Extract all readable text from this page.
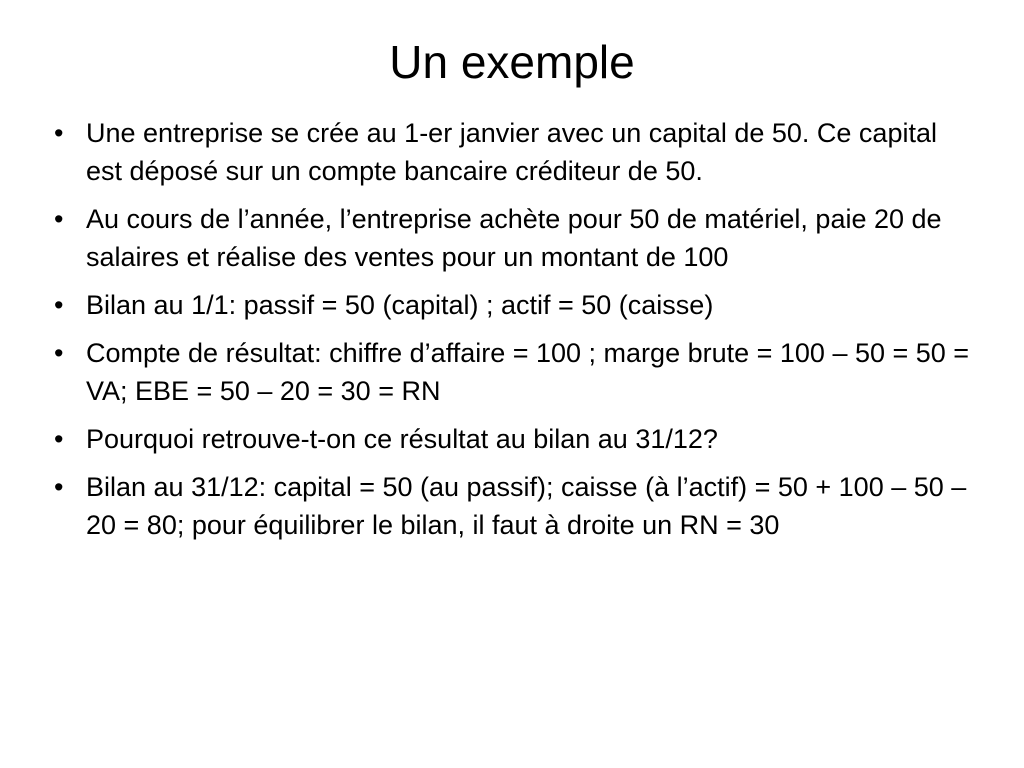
Un exemple
• Une entreprise se crée au 1-er janvier avec un capital de 50. Ce capital est déposé sur un compte bancaire créditeur de 50.
• Au cours de l’année, l’entreprise achète pour 50 de matériel, paie 20 de salaires et réalise des ventes pour un montant de 100
• Bilan au 1/1: passif = 50 (capital) ; actif = 50 (caisse)
• Compte de résultat: chiffre d’affaire = 100 ; marge brute = 100 – 50 = 50 = VA; EBE = 50 – 20 = 30 = RN
• Pourquoi retrouve-t-on ce résultat au bilan au 31/12?
• Bilan au 31/12: capital = 50 (au passif); caisse (à l’actif) = 50 + 100 – 50 – 20 = 80; pour équilibrer le bilan, il faut à droite un RN = 30
